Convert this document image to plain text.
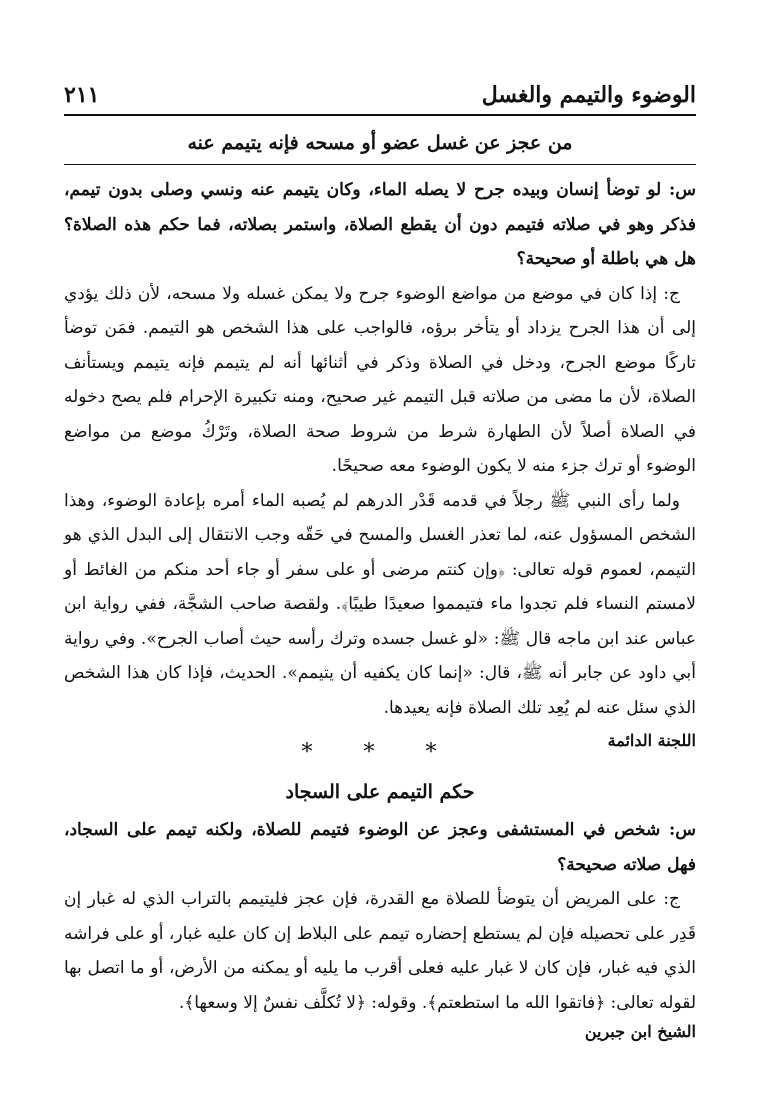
الوضوء والتيمم والغسل
٢١١
من عجز عن غسل عضو أو مسحه فإنه يتيمم عنه

س: لو توضأ إنسان وبيده جرح لا يصله الماء، وكان يتيمم عنه ونسي وصلى بدون تيمم، فذكر وهو في صلاته فتيمم دون أن يقطع الصلاة، واستمر بصلاته، فما حكم هذه الصلاة؟ هل هي باطلة أو صحيحة؟

ج: إذا كان في موضع من مواضع الوضوء جرح ولا يمكن غسله ولا مسحه، لأن ذلك يؤدي إلى أن هذا الجرح يزداد أو يتأخر برؤه، فالواجب على هذا الشخص هو التيمم. فمَن توضأ تاركًا موضع الجرح، ودخل في الصلاة وذكر في أثنائها أنه لم يتيمم فإنه يتيمم ويستأنف الصلاة، لأن ما مضى من صلاته قبل التيمم غير صحيح، ومنه تكبيرة الإحرام فلم يصح دخوله في الصلاة أصلاً لأن الطهارة شرط من شروط صحة الصلاة، وتَرْكُ موضع من مواضع الوضوء أو ترك جزء منه لا يكون الوضوء معه صحيحًا.

ولما رأى النبي ﷺ رجلاً في قدمه قَدْر الدرهم لم يُصبه الماء أمره بإعادة الوضوء، وهذا الشخص المسؤول عنه، لما تعذر الغسل والمسح في حَقّه وجب الانتقال إلى البدل الذي هو التيمم، لعموم قوله تعالى: ﴿وإن كنتم مرضى أو على سفر أو جاء أحد منكم من الغائط أو لامستم النساء فلم تجدوا ماء فتيمموا صعيدًا طيبًا﴾. ولقصة صاحب الشجَّة، ففي رواية ابن عباس عند ابن ماجه قال ﷺ: «لو غسل جسده وترك رأسه حيث أصاب الجرح». وفي رواية أبي داود عن جابر أنه ﷺ، قال: «إنما كان يكفيه أن يتيمم». الحديث، فإذا كان هذا الشخص الذي سئل عنه لم يُعِد تلك الصلاة فإنه يعيدها.

اللجنة الدائمة
* * *
حكم التيمم على السجاد

س: شخص في المستشفى وعجز عن الوضوء فتيمم للصلاة، ولكنه تيمم على السجاد، فهل صلاته صحيحة؟

ج: على المريض أن يتوضأ للصلاة مع القدرة، فإن عجز فليتيمم بالتراب الذي له غبار إن قَدِر على تحصيله فإن لم يستطع إحضاره تيمم على البلاط إن كان عليه غبار، أو على فراشه الذي فيه غبار، فإن كان لا غبار عليه فعلى أقرب ما يليه أو يمكنه من الأرض، أو ما اتصل بها لقوله تعالى: ﴿فاتقوا الله ما استطعتم﴾. وقوله: ﴿لا تُكلَّف نفسٌ إلا وسعها﴾.

الشيخ ابن جبرين
